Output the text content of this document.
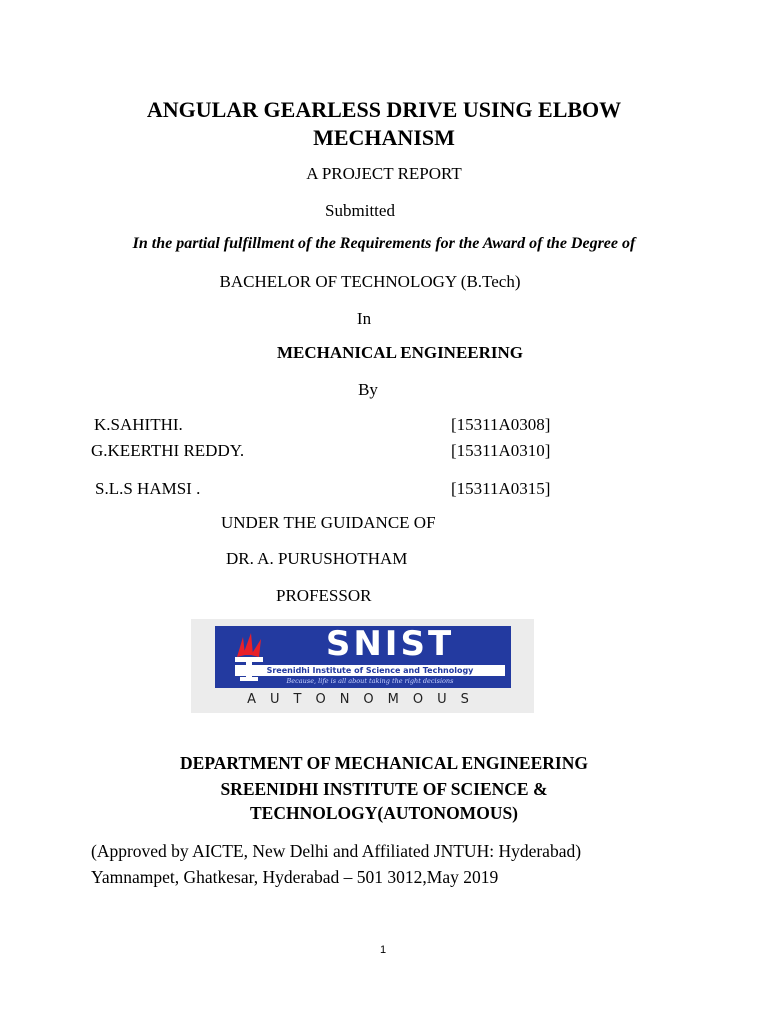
ANGULAR GEARLESS DRIVE USING ELBOW
MECHANISM
A PROJECT REPORT
Submitted
In the partial fulfillment of the Requirements for the Award of the Degree of
BACHELOR OF TECHNOLOGY (B.Tech)
In
MECHANICAL ENGINEERING
By
K.SAHITHI.	[15311A0308]
G.KEERTHI REDDY.	[15311A0310]
S.L.S HAMSI .	[15311A0315]
UNDER THE GUIDANCE OF
DR. A. PURUSHOTHAM
PROFESSOR
SNIST
Sreenidhi Institute of Science and Technology
Because, life is all about taking the right decisions
AUTONOMOUS
DEPARTMENT OF MECHANICAL ENGINEERING
SREENIDHI INSTITUTE OF SCIENCE &
TECHNOLOGY(AUTONOMOUS)
(Approved by AICTE, New Delhi and Affiliated JNTUH: Hyderabad)
Yamnampet, Ghatkesar, Hyderabad – 501 3012,May 2019
1
